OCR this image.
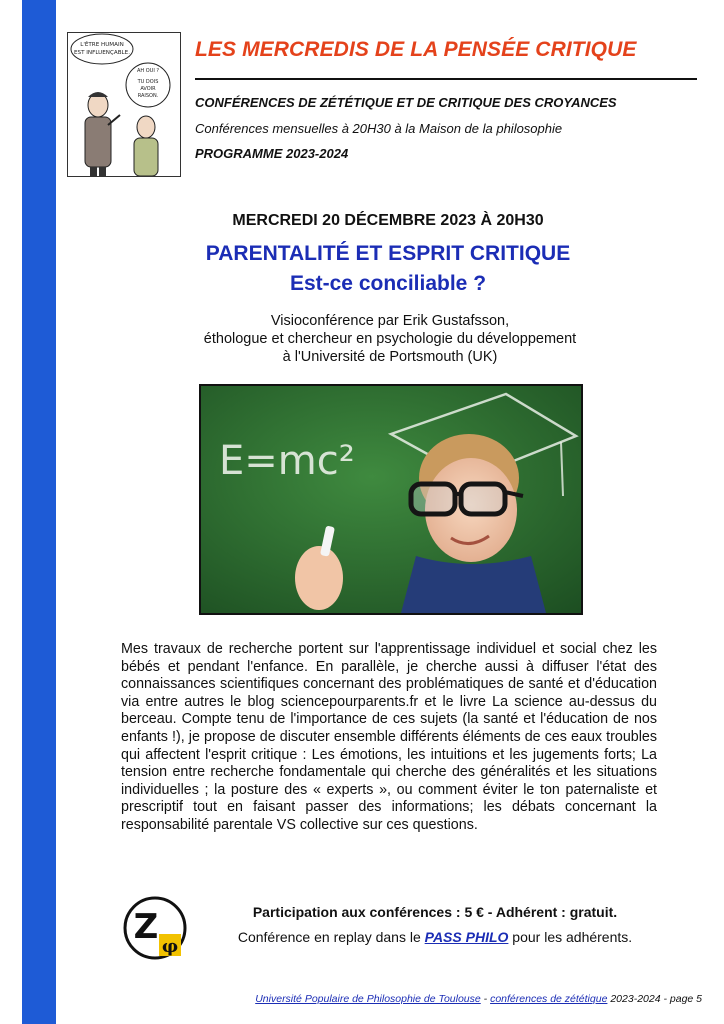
L'ÊTRE HUMAIN
EST INFLUENÇABLE.
AH OUI ?
TU DOIS
AVOIR
RAISON.
LES MERCREDIS DE LA PENSÉE CRITIQUE
CONFÉRENCES DE ZÉTÉTIQUE ET DE CRITIQUE DES CROYANCES
Conférences mensuelles à 20H30 à la Maison de la philosophie
PROGRAMME 2023-2024
MERCREDI 20 DÉCEMBRE 2023 À 20H30
PARENTALITÉ ET ESPRIT CRITIQUE
Est-ce conciliable ?
Visioconférence par Erik Gustafsson,
éthologue et chercheur en psychologie du développement
à l'Université de Portsmouth (UK)
E=mc²
Mes travaux de recherche portent sur l'apprentissage individuel et social chez les bébés et pendant l'enfance. En parallèle, je cherche aussi à diffuser l'état des connaissances scientifiques concernant des problématiques de santé et d'éducation via entre autres le blog sciencepourparents.fr et le livre La science au-dessus du berceau. Compte tenu de l'importance de ces sujets (la santé et l'éducation de nos enfants !), je propose de discuter ensemble différents éléments de ces eaux troubles qui affectent l'esprit critique : Les émotions, les intuitions et les jugements forts; La tension entre recherche fondamentale qui cherche des généralités et les situations individuelles ; la posture des « experts », ou comment éviter le ton paternaliste et prescriptif tout en faisant passer des informations; les débats concernant la responsabilité parentale VS collective sur ces questions.
Z φ
Participation aux conférences : 5 € - Adhérent : gratuit.
Conférence en replay dans le PASS PHILO pour les adhérents.
Université Populaire de Philosophie de Toulouse - conférences de zététique 2023-2024 - page 5
